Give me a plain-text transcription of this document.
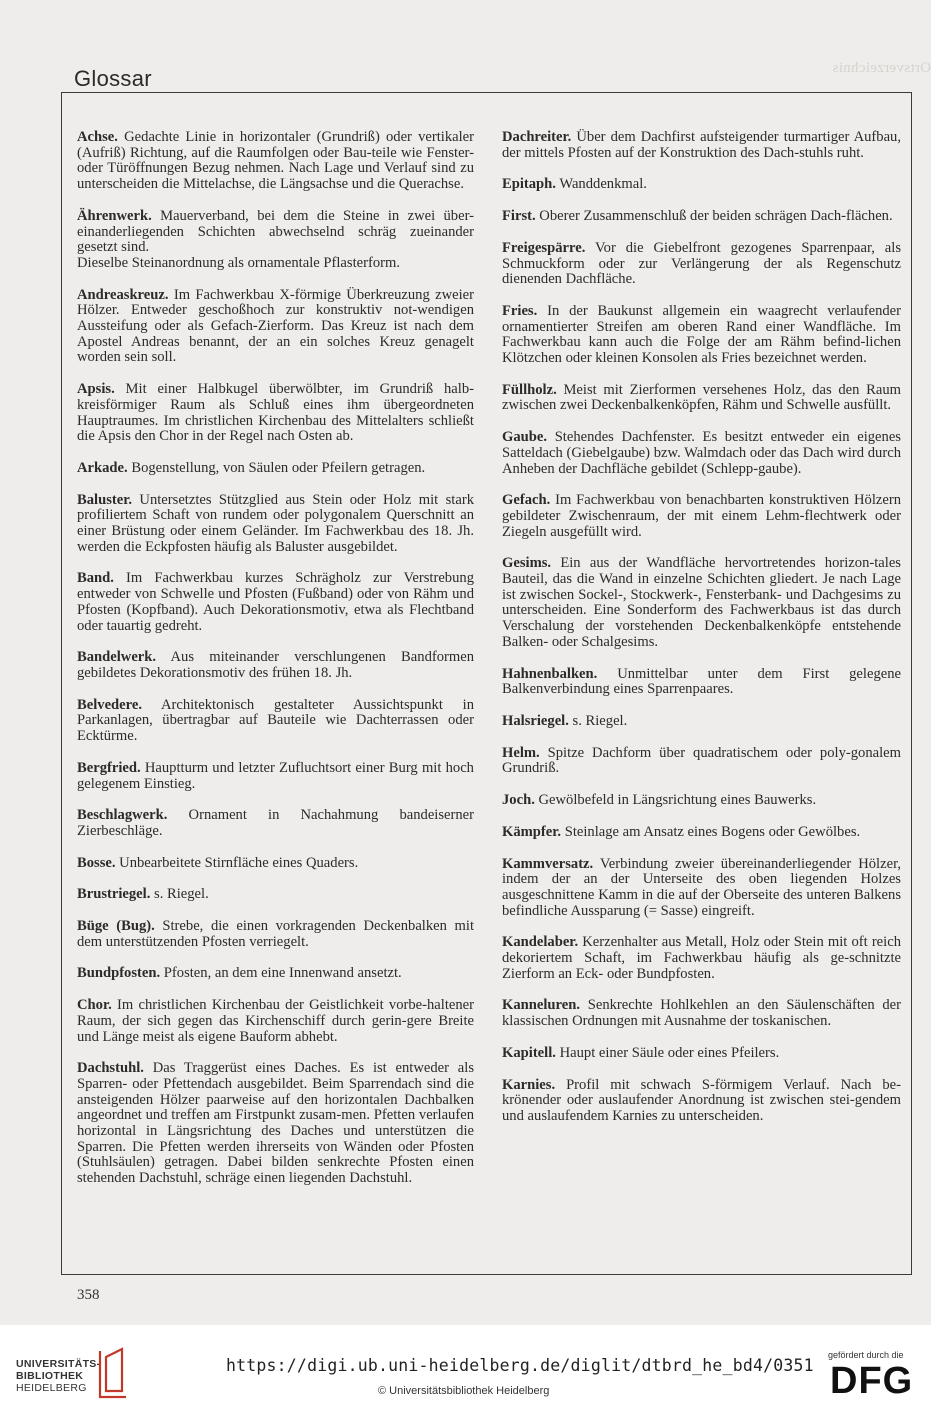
Ortsverzeichnis
Glossar

Achse. Gedachte Linie in horizontaler (Grundriß) oder vertikaler (Aufriß) Richtung, auf die Raumfolgen oder Bau-teile wie Fenster- oder Türöffnungen Bezug nehmen. Nach Lage und Verlauf sind zu unterscheiden die Mittelachse, die Längsachse und die Querachse.

Ährenwerk. Mauerverband, bei dem die Steine in zwei über-einanderliegenden Schichten abwechselnd schräg zueinander gesetzt sind.
Dieselbe Steinanordnung als ornamentale Pflasterform.

Andreaskreuz. Im Fachwerkbau X-förmige Überkreuzung zweier Hölzer. Entweder geschoßhoch zur konstruktiv not-wendigen Aussteifung oder als Gefach-Zierform. Das Kreuz ist nach dem Apostel Andreas benannt, der an ein solches Kreuz genagelt worden sein soll.

Apsis. Mit einer Halbkugel überwölbter, im Grundriß halb-kreisförmiger Raum als Schluß eines ihm übergeordneten Hauptraumes. Im christlichen Kirchenbau des Mittelalters schließt die Apsis den Chor in der Regel nach Osten ab.

Arkade. Bogenstellung, von Säulen oder Pfeilern getragen.

Baluster. Untersetztes Stützglied aus Stein oder Holz mit stark profiliertem Schaft von rundem oder polygonalem Querschnitt an einer Brüstung oder einem Geländer. Im Fachwerkbau des 18. Jh. werden die Eckpfosten häufig als Baluster ausgebildet.

Band. Im Fachwerkbau kurzes Schrägholz zur Verstrebung entweder von Schwelle und Pfosten (Fußband) oder von Rähm und Pfosten (Kopfband). Auch Dekorationsmotiv, etwa als Flechtband oder tauartig gedreht.

Bandelwerk. Aus miteinander verschlungenen Bandformen gebildetes Dekorationsmotiv des frühen 18. Jh.

Belvedere. Architektonisch gestalteter Aussichtspunkt in Parkanlagen, übertragbar auf Bauteile wie Dachterrassen oder Ecktürme.

Bergfried. Hauptturm und letzter Zufluchtsort einer Burg mit hoch gelegenem Einstieg.

Beschlagwerk. Ornament in Nachahmung bandeiserner Zierbeschläge.

Bosse. Unbearbeitete Stirnfläche eines Quaders.

Brustriegel. s. Riegel.

Büge (Bug). Strebe, die einen vorkragenden Deckenbalken mit dem unterstützenden Pfosten verriegelt.

Bundpfosten. Pfosten, an dem eine Innenwand ansetzt.

Chor. Im christlichen Kirchenbau der Geistlichkeit vorbe-haltener Raum, der sich gegen das Kirchenschiff durch gerin-gere Breite und Länge meist als eigene Bauform abhebt.

Dachstuhl. Das Traggerüst eines Daches. Es ist entweder als Sparren- oder Pfettendach ausgebildet. Beim Sparrendach sind die ansteigenden Hölzer paarweise auf den horizontalen Dachbalken angeordnet und treffen am Firstpunkt zusam-men. Pfetten verlaufen horizontal in Längsrichtung des Daches und unterstützen die Sparren. Die Pfetten werden ihrerseits von Wänden oder Pfosten (Stuhlsäulen) getragen. Dabei bilden senkrechte Pfosten einen stehenden Dachstuhl, schräge einen liegenden Dachstuhl.

Dachreiter. Über dem Dachfirst aufsteigender turmartiger Aufbau, der mittels Pfosten auf der Konstruktion des Dach-stuhls ruht.

Epitaph. Wanddenkmal.

First. Oberer Zusammenschluß der beiden schrägen Dach-flächen.

Freigespärre. Vor die Giebelfront gezogenes Sparrenpaar, als Schmuckform oder zur Verlängerung der als Regenschutz dienenden Dachfläche.

Fries. In der Baukunst allgemein ein waagrecht verlaufender ornamentierter Streifen am oberen Rand einer Wandfläche. Im Fachwerkbau kann auch die Folge der am Rähm befind-lichen Klötzchen oder kleinen Konsolen als Fries bezeichnet werden.

Füllholz. Meist mit Zierformen versehenes Holz, das den Raum zwischen zwei Deckenbalkenköpfen, Rähm und Schwelle ausfüllt.

Gaube. Stehendes Dachfenster. Es besitzt entweder ein eigenes Satteldach (Giebelgaube) bzw. Walmdach oder das Dach wird durch Anheben der Dachfläche gebildet (Schlepp-gaube).

Gefach. Im Fachwerkbau von benachbarten konstruktiven Hölzern gebildeter Zwischenraum, der mit einem Lehm-flechtwerk oder Ziegeln ausgefüllt wird.

Gesims. Ein aus der Wandfläche hervortretendes horizon-tales Bauteil, das die Wand in einzelne Schichten gliedert. Je nach Lage ist zwischen Sockel-, Stockwerk-, Fensterbank- und Dachgesims zu unterscheiden. Eine Sonderform des Fachwerkbaus ist das durch Verschalung der vorstehenden Deckenbalkenköpfe entstehende Balken- oder Schalgesims.

Hahnenbalken. Unmittelbar unter dem First gelegene Balkenverbindung eines Sparrenpaares.

Halsriegel. s. Riegel.

Helm. Spitze Dachform über quadratischem oder poly-gonalem Grundriß.

Joch. Gewölbefeld in Längsrichtung eines Bauwerks.

Kämpfer. Steinlage am Ansatz eines Bogens oder Gewölbes.

Kammversatz. Verbindung zweier übereinanderliegender Hölzer, indem der an der Unterseite des oben liegenden Holzes ausgeschnittene Kamm in die auf der Oberseite des unteren Balkens befindliche Aussparung (= Sasse) eingreift.

Kandelaber. Kerzenhalter aus Metall, Holz oder Stein mit oft reich dekoriertem Schaft, im Fachwerkbau häufig als ge-schnitzte Zierform an Eck- oder Bundpfosten.

Kanneluren. Senkrechte Hohlkehlen an den Säulenschäften der klassischen Ordnungen mit Ausnahme der toskanischen.

Kapitell. Haupt einer Säule oder eines Pfeilers.

Karnies. Profil mit schwach S-förmigem Verlauf. Nach be-krönender oder auslaufender Anordnung ist zwischen stei-gendem und auslaufendem Karnies zu unterscheiden.

358
UNIVERSITÄTS-
BIBLIOTHEK
HEIDELBERG
https://digi.ub.uni-heidelberg.de/diglit/dtbrd_he_bd4/0351
© Universitätsbibliothek Heidelberg
gefördert durch die
DFG
